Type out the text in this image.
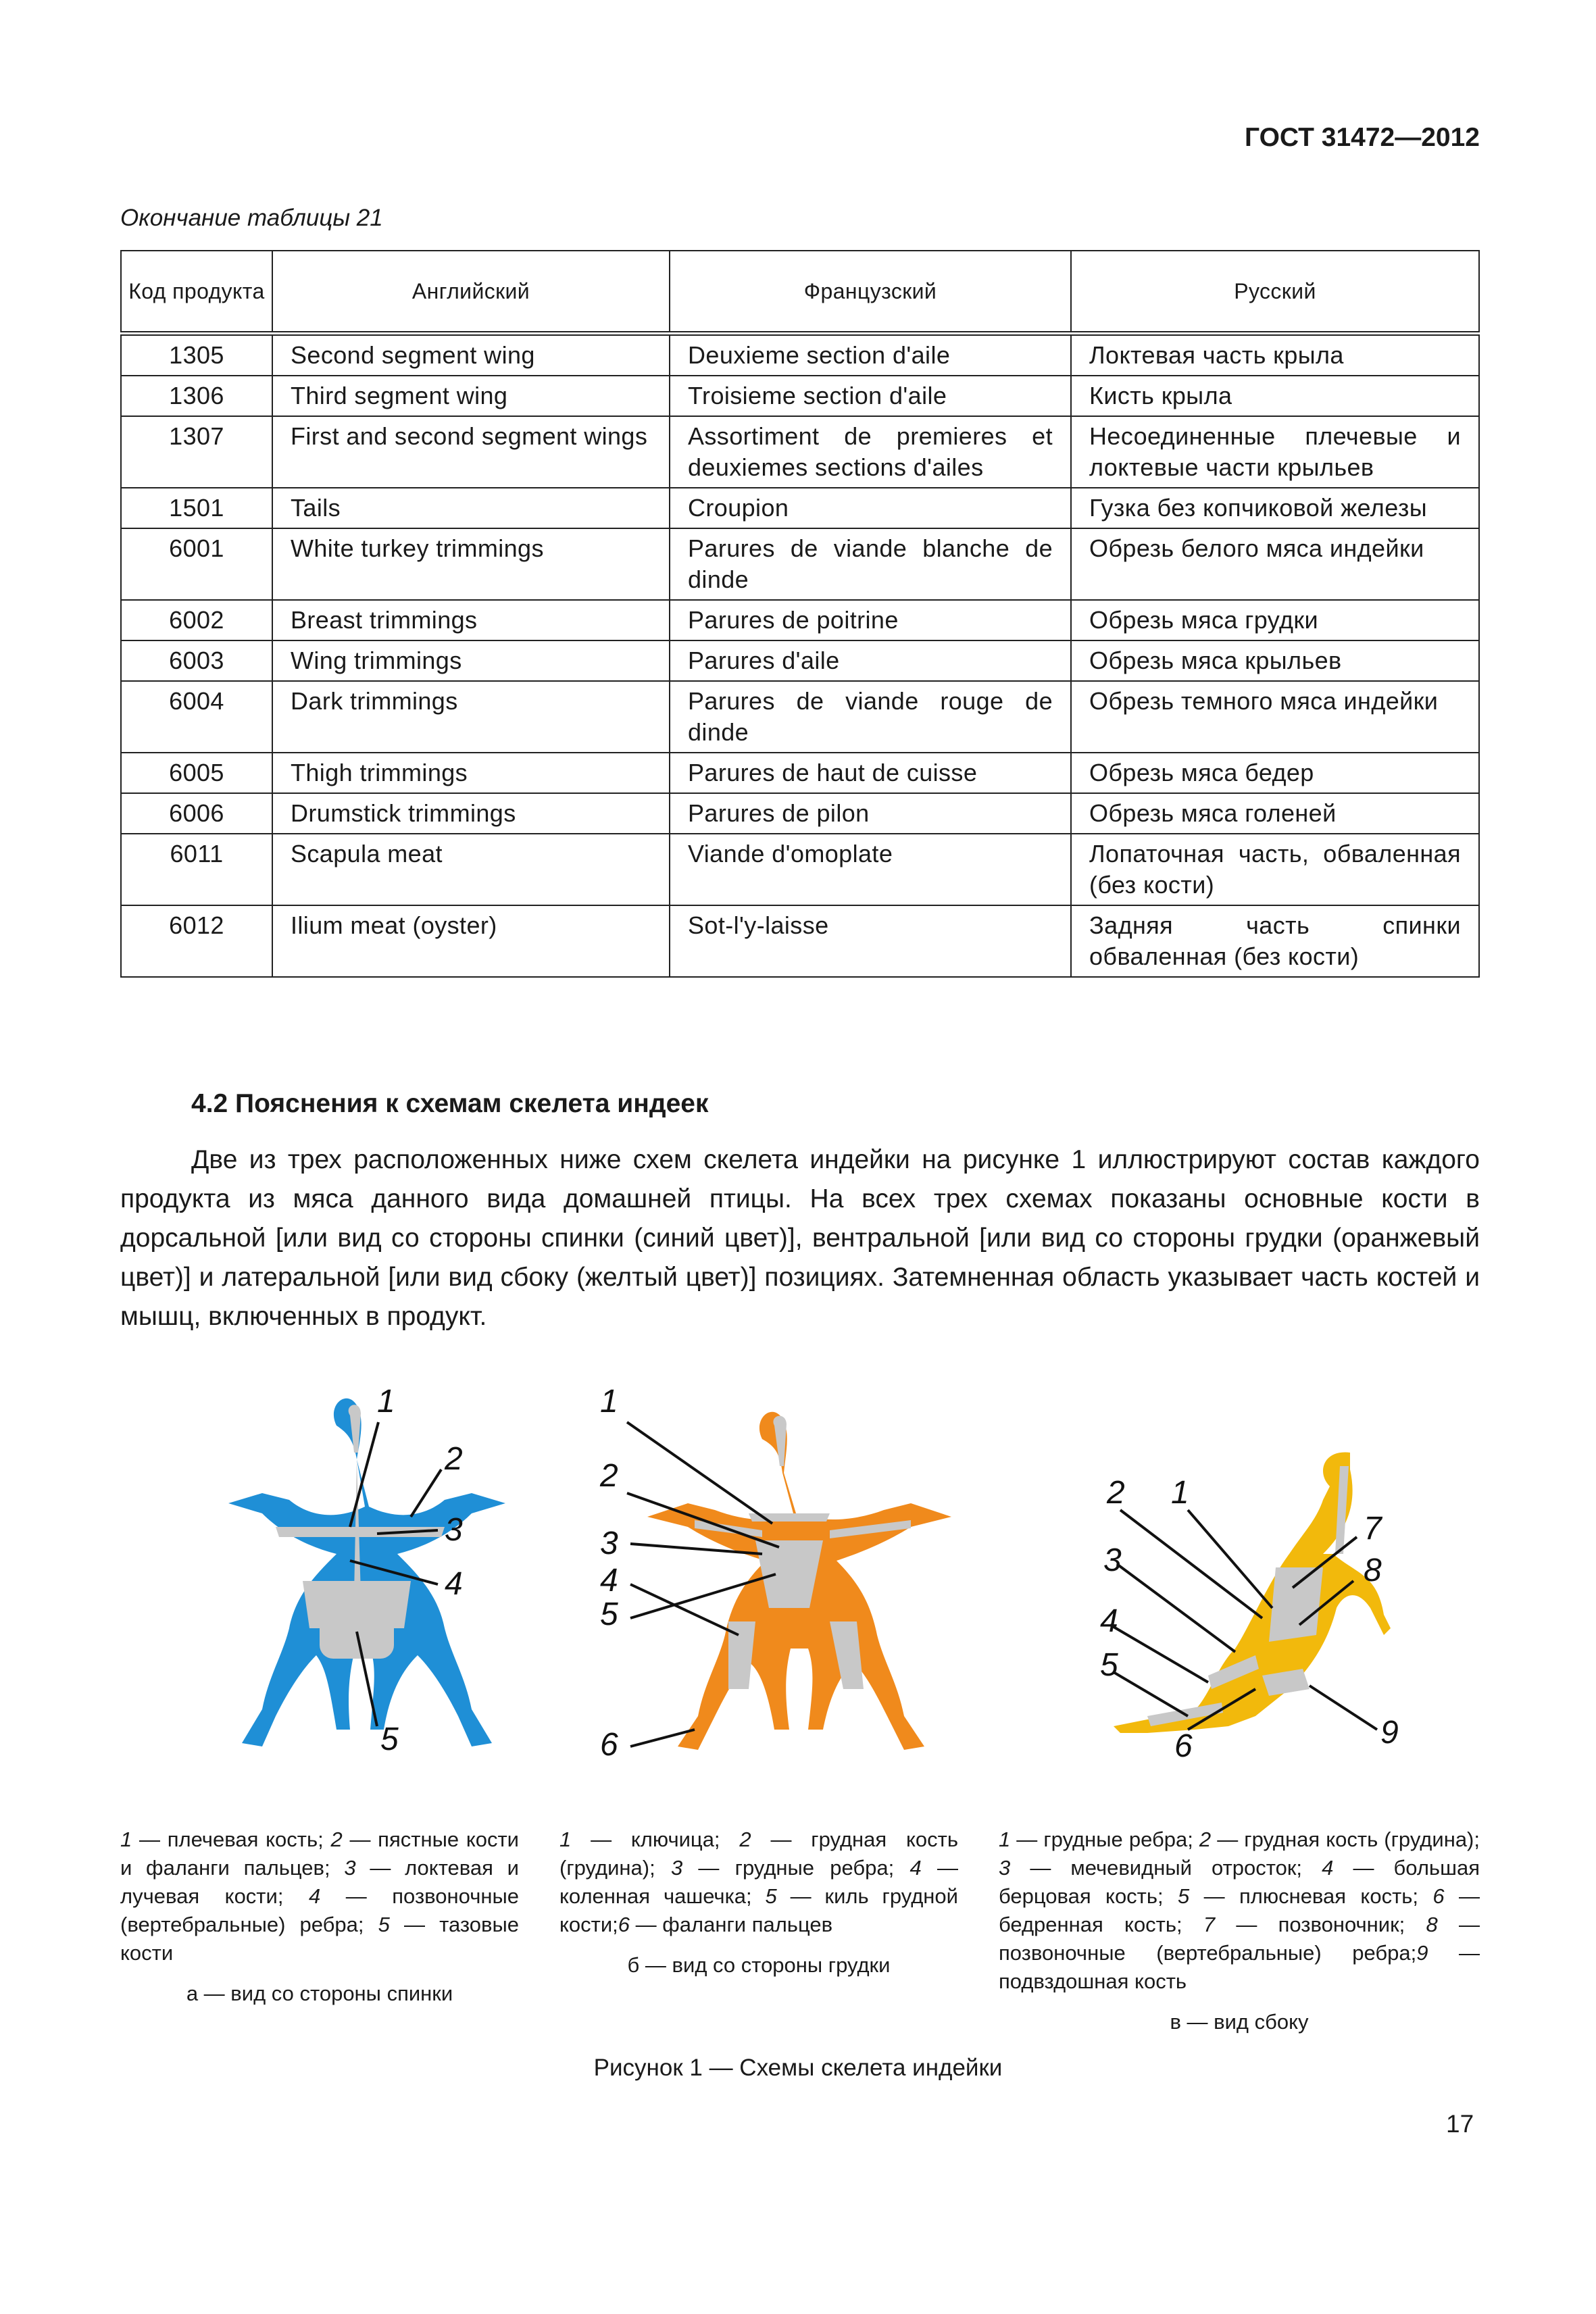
ГОСТ 31472—2012
Окончание таблицы 21
Код продукта	Английский	Французский	Русский
1305	Second segment wing	Deuxieme section d'aile	Локтевая часть крыла
1306	Third segment wing	Troisieme section d'aile	Кисть крыла
1307	First and second segment wings	Assortiment de premieres et deuxiemes sections d'ailes	Несоединенные плечевые и локтевые части крыльев
1501	Tails	Croupion	Гузка без копчиковой железы
6001	White turkey trimmings	Parures de viande blanche de dinde	Обрезь белого мяса индейки
6002	Breast trimmings	Parures de poitrine	Обрезь мяса грудки
6003	Wing trimmings	Parures d'aile	Обрезь мяса крыльев
6004	Dark trimmings	Parures de viande rouge de dinde	Обрезь темного мяса индейки
6005	Thigh trimmings	Parures de haut de cuisse	Обрезь мяса бедер
6006	Drumstick trimmings	Parures de pilon	Обрезь мяса голеней
6011	Scapula meat	Viande d'omoplate	Лопаточная часть, обваленная (без кости)
6012	Ilium meat (oyster)	Sot-l'y-laisse	Задняя часть спинки обваленная (без кости)
4.2 Пояснения к схемам скелета индеек

Две из трех расположенных ниже схем скелета индейки на рисунке 1 иллюстрируют состав каждого продукта из мяса данного вида домашней птицы. На всех трех схемах показаны основные кости в дорсальной [или вид со стороны спинки (синий цвет)], вентральной [или вид со стороны грудки (оранжевый цвет)] и латеральной [или вид сбоку (желтый цвет)] позициях. Затемненная область указывает часть костей и мышц, включенных в продукт.

1
2
3
4
5
1
2
3
4
5
6
2 1
3
4
5
6
7
8
9
1 — плечевая кость; 2 — пястные кости и фаланги пальцев; 3 — локтевая и лучевая кости; 4 — позвоночные (вертебральные) ребра; 5 — тазовые кости
а — вид со стороны спинки
1 — ключица; 2 — грудная кость (грудина); 3 — грудные ребра; 4 — коленная чашечка; 5 — киль грудной кости;6 — фаланги пальцев
б — вид со стороны грудки
1 — грудные ребра; 2 — грудная кость (грудина); 3 — мечевидный отросток; 4 — большая берцовая кость; 5 — плюсневая кость; 6 — бедренная кость; 7 — позвоночник; 8 — позвоночные (вертебральные) ребра;9 — подвздошная кость
в — вид сбоку
Рисунок 1 — Схемы скелета индейки
17
